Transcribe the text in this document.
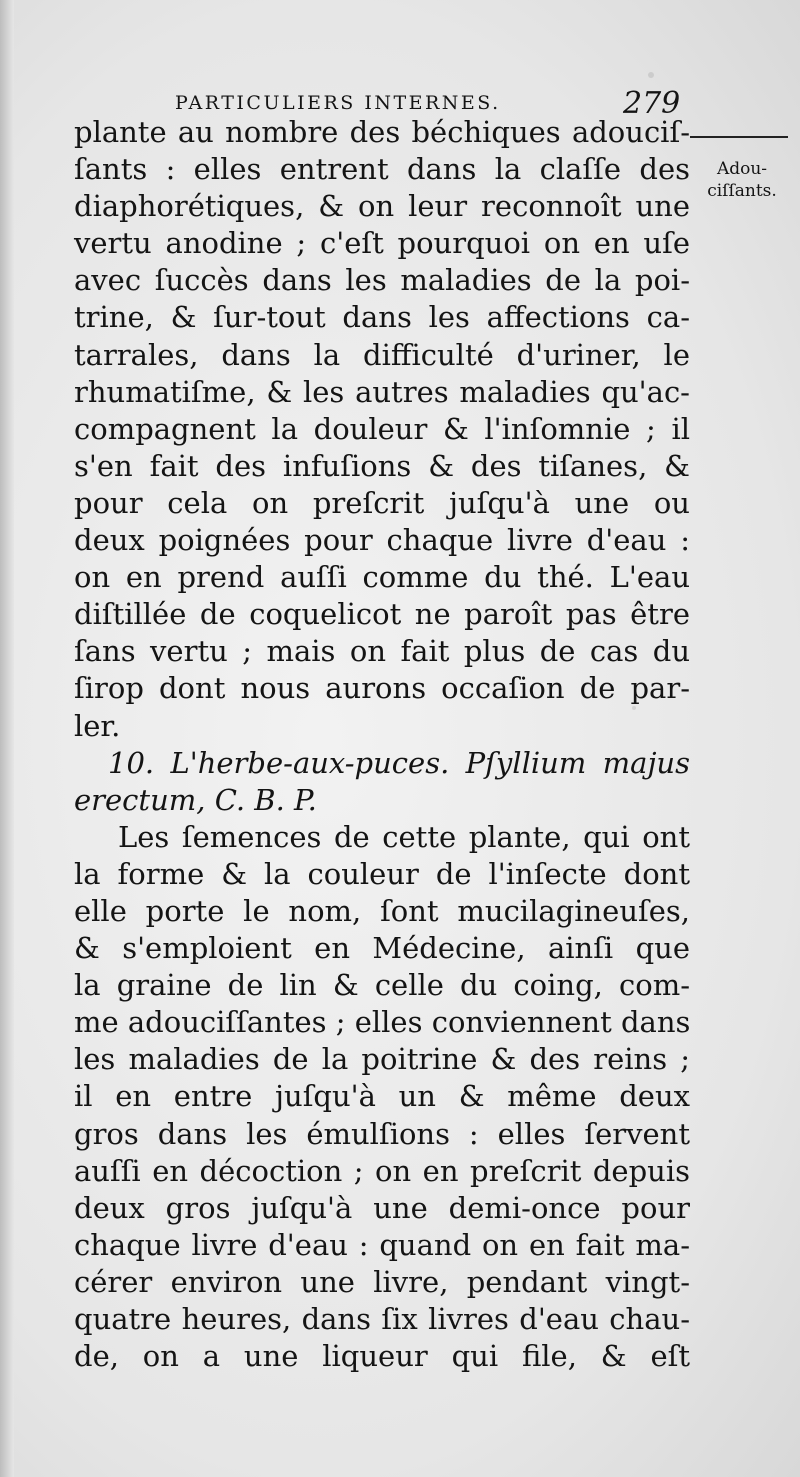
PARTICULIERS INTERNES.	279
Adou-
ciſſants.
plante au nombre des béchiques adouciſ-
ſants : elles entrent dans la claſſe des
diaphorétiques, & on leur reconnoît une
vertu anodine ; c'eſt pourquoi on en uſe
avec ſuccès dans les maladies de la poi-
trine, & ſur-tout dans les affections ca-
tarrales, dans la difficulté d'uriner, le
rhumatiſme, & les autres maladies qu'ac-
compagnent la douleur & l'inſomnie ; il
s'en fait des infuſions & des tiſanes, &
pour cela on preſcrit juſqu'à une ou
deux poignées pour chaque livre d'eau :
on en prend auſſi comme du thé. L'eau
diſtillée de coquelicot ne paroît pas être
ſans vertu ; mais on fait plus de cas du
ſirop dont nous aurons occaſion de par-
ler.
10. L'herbe-aux-puces. Pſyllium majus
erectum, C. B. P.
Les ſemences de cette plante, qui ont
la forme & la couleur de l'inſecte dont
elle porte le nom, ſont mucilagineuſes,
& s'emploient en Médecine, ainſi que
la graine de lin & celle du coing, com-
me adouciſſantes ; elles conviennent dans
les maladies de la poitrine & des reins ;
il en entre juſqu'à un & même deux
gros dans les émulſions : elles ſervent
auſſi en décoction ; on en preſcrit depuis
deux gros juſqu'à une demi-once pour
chaque livre d'eau : quand on en fait ma-
cérer environ une livre, pendant vingt-
quatre heures, dans ſix livres d'eau chau-
de, on a une liqueur qui file, & eſt
